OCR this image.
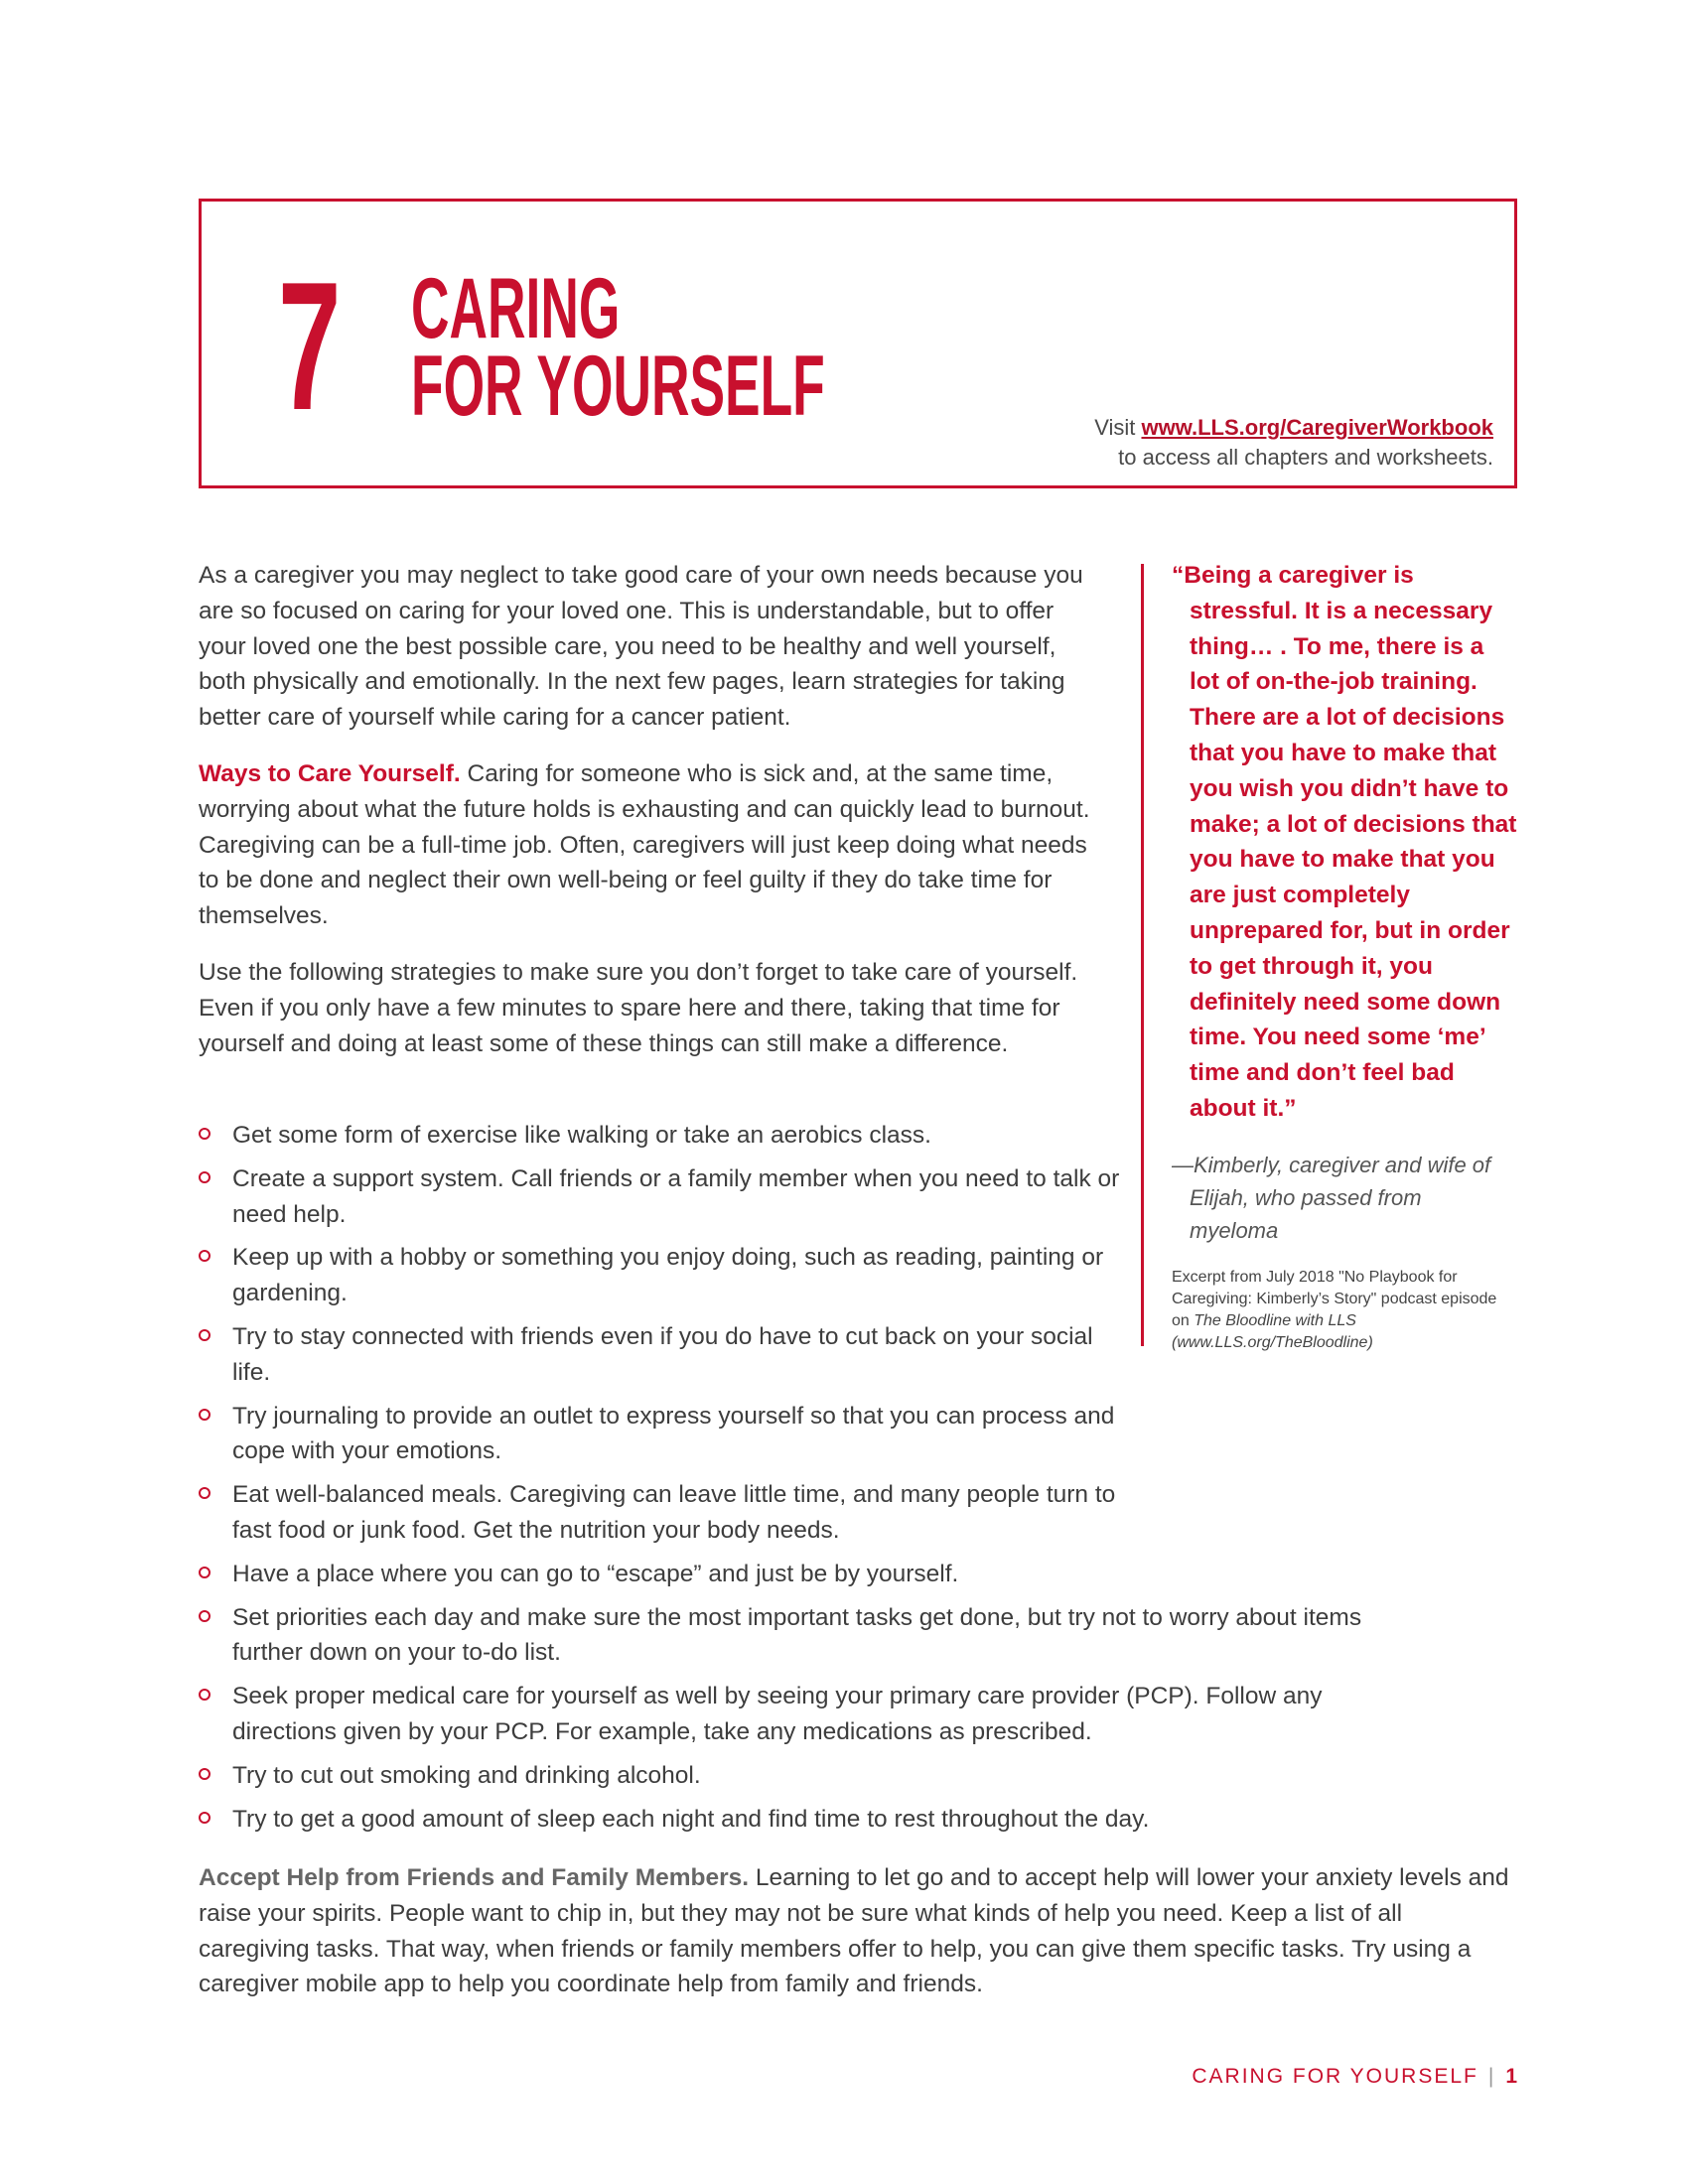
7 CARING
FOR YOURSELF	Visit www.LLS.org/CaregiverWorkbook
to access all chapters and worksheets.

As a caregiver you may neglect to take good care of your own needs because you are so focused on caring for your loved one. This is understandable, but to offer your loved one the best possible care, you need to be healthy and well yourself, both physically and emotionally. In the next few pages, learn strategies for taking better care of yourself while caring for a cancer patient.

Ways to Care Yourself. Caring for someone who is sick and, at the same time, worrying about what the future holds is exhausting and can quickly lead to burnout. Caregiving can be a full-time job. Often, caregivers will just keep doing what needs to be done and neglect their own well-being or feel guilty if they do take time for themselves.

Use the following strategies to make sure you don’t forget to take care of yourself. Even if you only have a few minutes to spare here and there, taking that time for yourself and doing at least some of these things can still make a difference.

Get some form of exercise like walking or take an aerobics class.
Create a support system. Call friends or a family member when you need to talk or need help.
Keep up with a hobby or something you enjoy doing, such as reading, painting or gardening.
Try to stay connected with friends even if you do have to cut back on your social life.
Try journaling to provide an outlet to express yourself so that you can process and cope with your emotions.
Eat well-balanced meals. Caregiving can leave little time, and many people turn to fast food or junk food. Get the nutrition your body needs.
Have a place where you can go to “escape” and just be by yourself.
Set priorities each day and make sure the most important tasks get done, but try not to worry about items further down on your to-do list.
Seek proper medical care for yourself as well by seeing your primary care provider (PCP). Follow any directions given by your PCP. For example, take any medications as prescribed.
Try to cut out smoking and drinking alcohol.
Try to get a good amount of sleep each night and find time to rest throughout the day.
Accept Help from Friends and Family Members. Learning to let go and to accept help will lower your anxiety levels and raise your spirits. People want to chip in, but they may not be sure what kinds of help you need. Keep a list of all caregiving tasks. That way, when friends or family members offer to help, you can give them specific tasks. Try using a caregiver mobile app to help you coordinate help from family and friends.
“Being a caregiver is stressful. It is a necessary thing… . To me, there is a lot of on-the-job training. There are a lot of decisions that you have to make that you wish you didn’t have to make; a lot of decisions that you have to make that you are just completely unprepared for, but in order to get through it, you definitely need some down time. You need some ‘me’ time and don’t feel bad about it.”
—Kimberly, caregiver and wife of Elijah, who passed from myeloma
Excerpt from July 2018 "No Playbook for Caregiving: Kimberly’s Story" podcast episode on The Bloodline with LLS
(www.LLS.org/TheBloodline)
CARING FOR YOURSELF | 1
